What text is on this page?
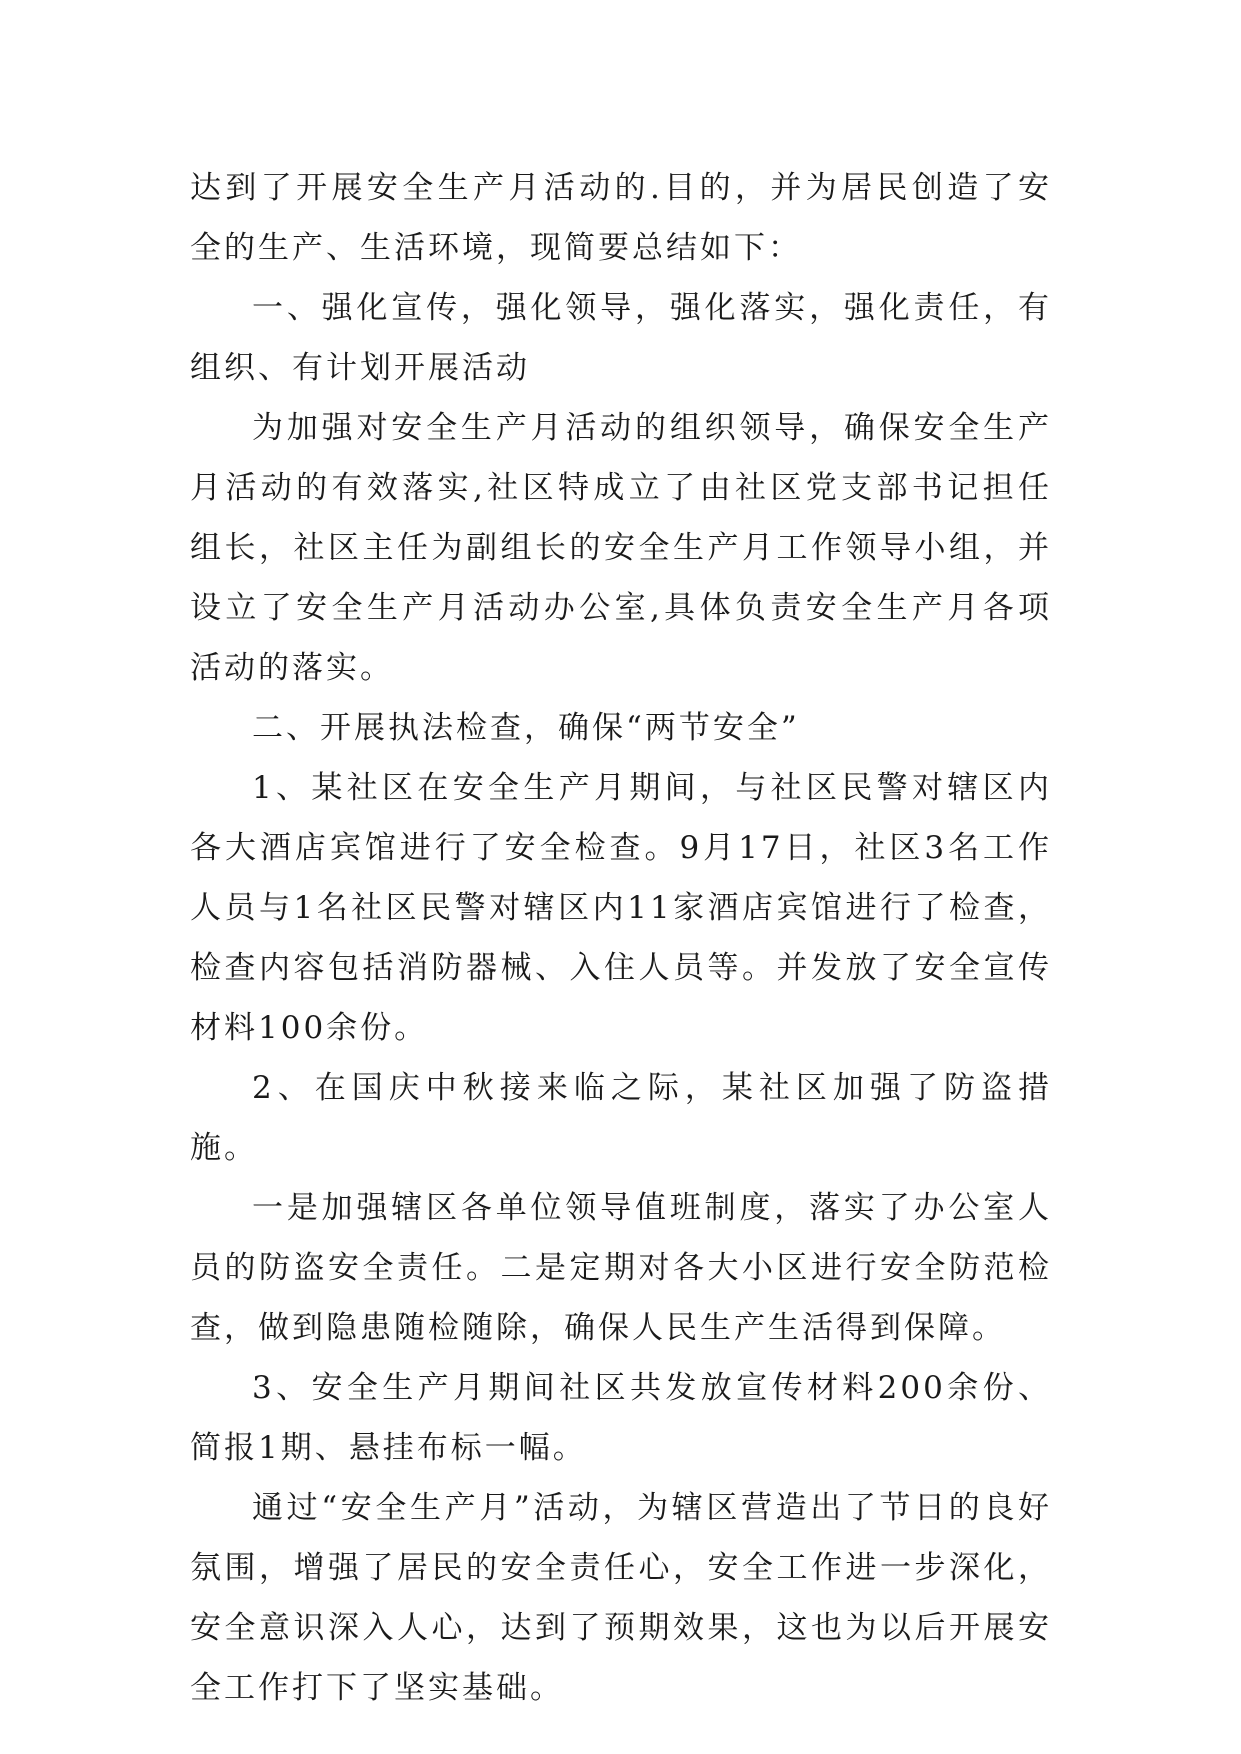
达到了开展安全生产月活动的.目的，并为居民创造了安全的生产、生活环境，现简要总结如下：

一、强化宣传，强化领导，强化落实，强化责任，有组织、有计划开展活动

为加强对安全生产月活动的组织领导，确保安全生产月活动的有效落实,社区特成立了由社区党支部书记担任组长，社区主任为副组长的安全生产月工作领导小组，并设立了安全生产月活动办公室,具体负责安全生产月各项活动的落实。

二、开展执法检查，确保“两节安全”

1、某社区在安全生产月期间，与社区民警对辖区内各大酒店宾馆进行了安全检查。9月17日，社区3名工作人员与1名社区民警对辖区内11家酒店宾馆进行了检查，检查内容包括消防器械、入住人员等。并发放了安全宣传材料100余份。

2、在国庆中秋接来临之际，某社区加强了防盗措施。

一是加强辖区各单位领导值班制度，落实了办公室人员的防盗安全责任。二是定期对各大小区进行安全防范检查，做到隐患随检随除，确保人民生产生活得到保障。

3、安全生产月期间社区共发放宣传材料200余份、简报1期、悬挂布标一幅。

通过“安全生产月”活动，为辖区营造出了节日的良好氛围，增强了居民的安全责任心，安全工作进一步深化，安全意识深入人心，达到了预期效果，这也为以后开展安全工作打下了坚实基础。
